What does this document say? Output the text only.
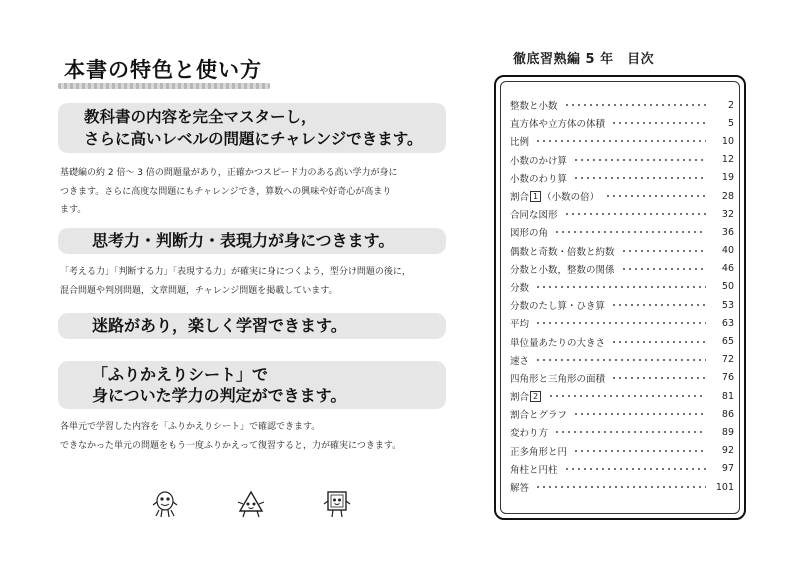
本書の特色と使い方
教科書の内容を完全マスターし，
さらに高いレベルの問題にチャレンジできます。
基礎編の約 2 倍～ 3 倍の問題量があり，正確かつスピード力のある高い学力が身に
つきます。さらに高度な問題にもチャレンジでき，算数への興味や好奇心が高まり
ます。
思考力・判断力・表現力が身につきます。
「考える力」「判断する力」「表現する力」が確実に身につくよう，型分け問題の後に，
混合問題や判別問題，文章問題，チャレンジ問題を掲載しています。
迷路があり，楽しく学習できます。
「ふりかえりシート」で
身についた学力の判定ができます。
各単元で学習した内容を「ふりかえりシート」で確認できます。
できなかった単元の問題をもう一度ふりかえって復習すると，力が確実につきます。
徹底習熟編 5 年　目次
整数と小数	2
直方体や立方体の体積	5
比例	10
小数のかけ算	12
小数のわり算	19
割合 1 （小数の倍）	28
合同な図形	32
図形の角	36
偶数と奇数・倍数と約数	40
分数と小数，整数の関係	46
分数	50
分数のたし算・ひき算	53
平均	63
単位量あたりの大きさ	65
速さ	72
四角形と三角形の面積	76
割合 2	81
割合とグラフ	86
変わり方	89
正多角形と円	92
角柱と円柱	97
解答	101
